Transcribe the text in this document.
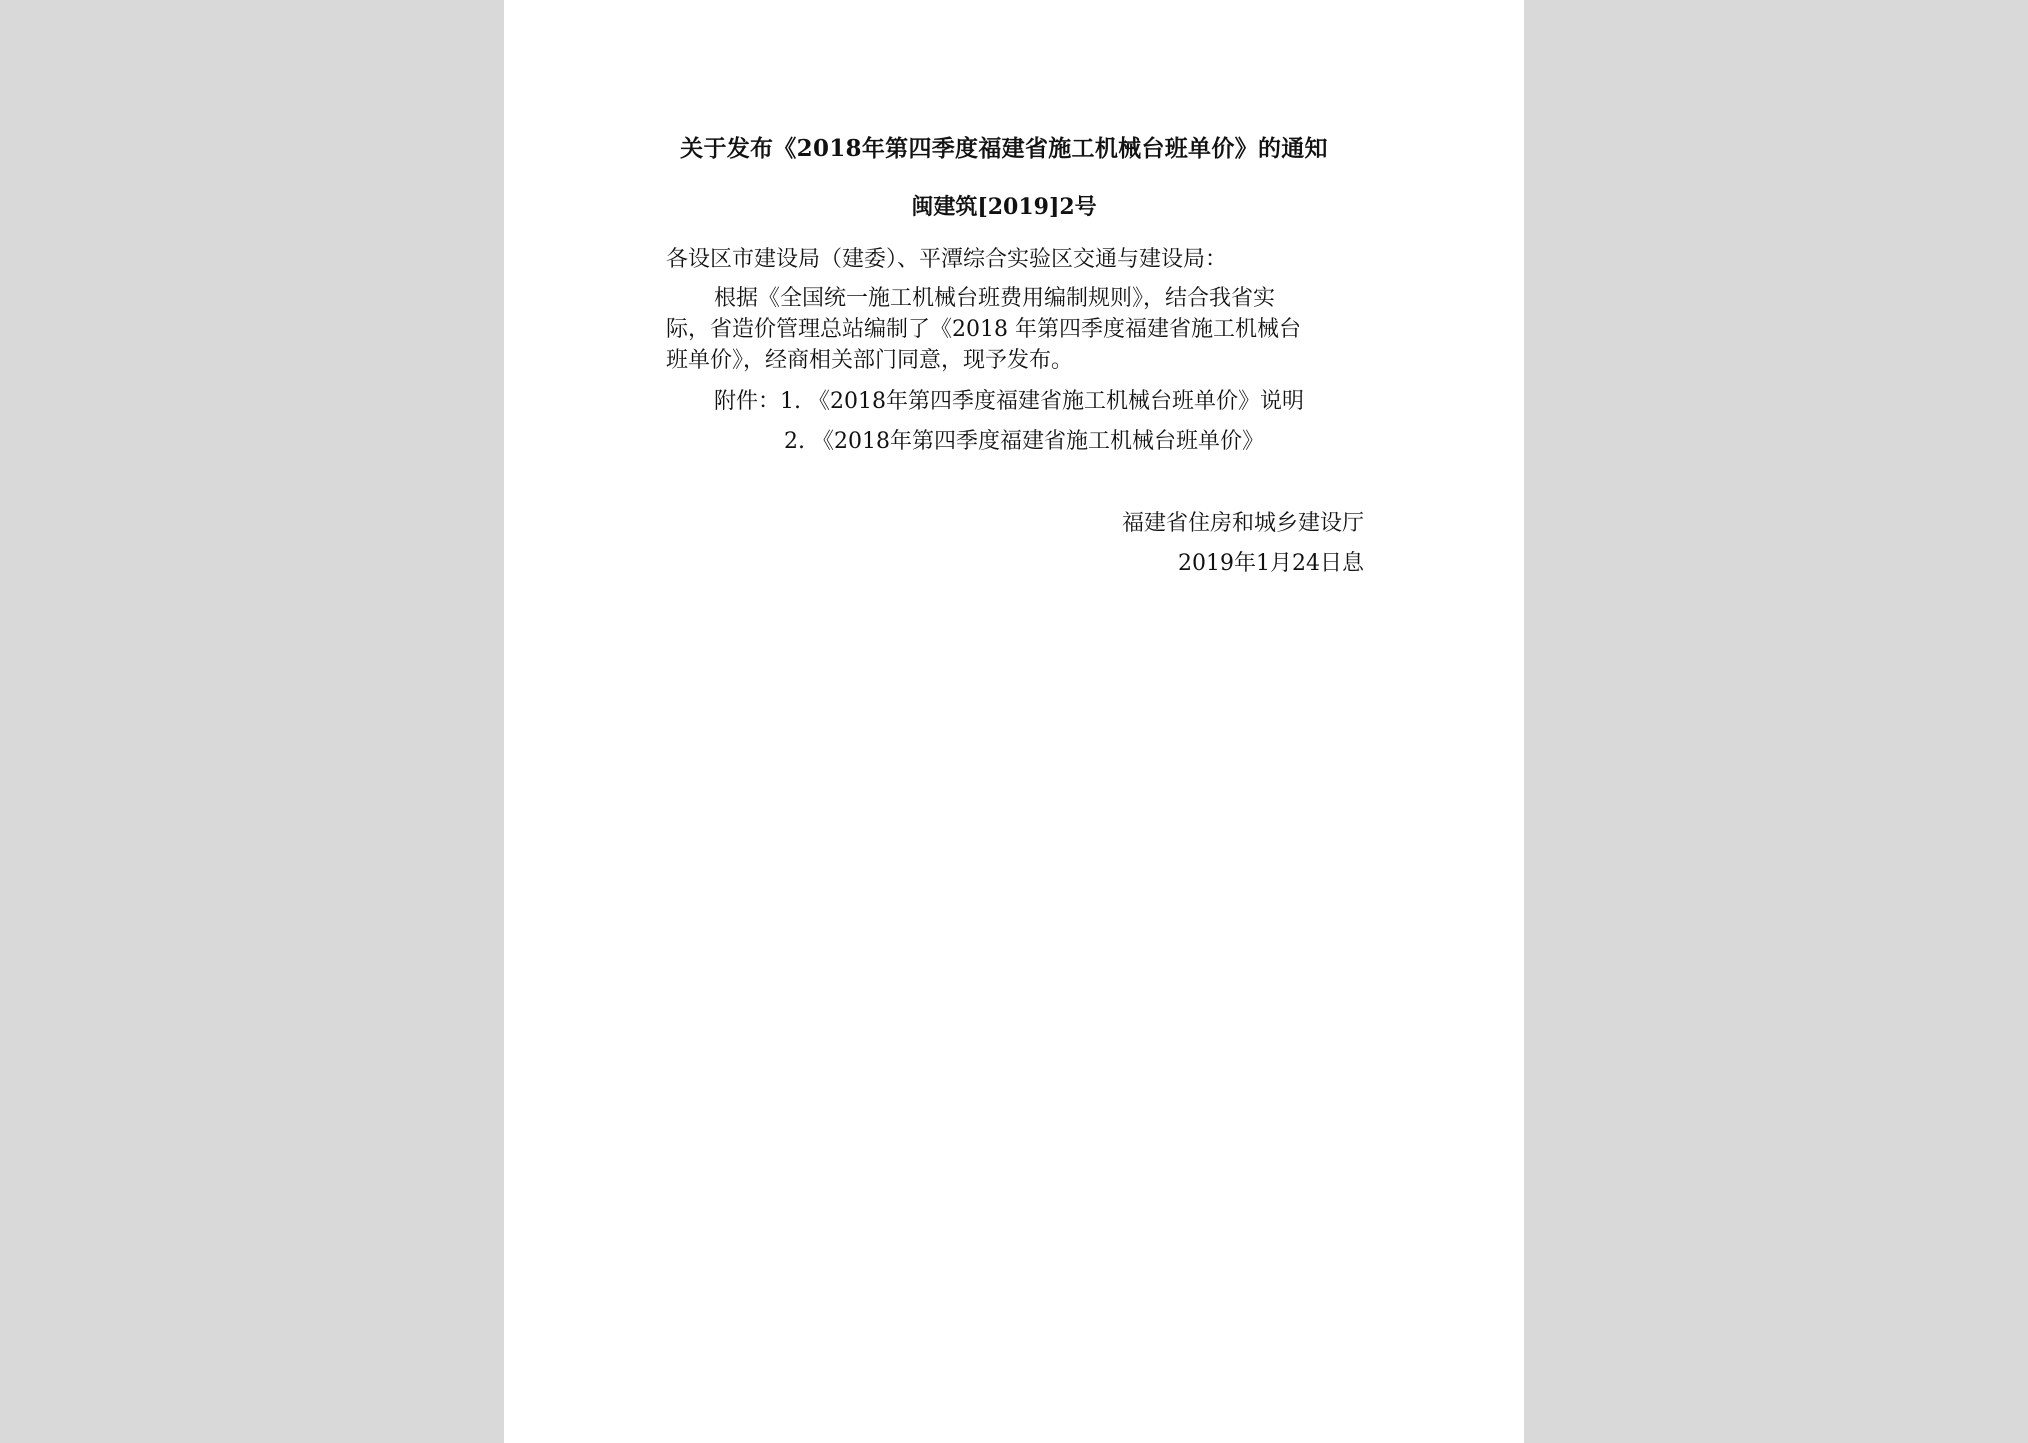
关于发布《2018年第四季度福建省施工机械台班单价》的通知
闽建筑[2019]2号
各设区市建设局（建委）、平潭综合实验区交通与建设局：
根据《全国统一施工机械台班费用编制规则》，结合我省实
际，省造价管理总站编制了《2018 年第四季度福建省施工机械台
班单价》，经商相关部门同意，现予发布。
附件：1. 《2018年第四季度福建省施工机械台班单价》说明
2. 《2018年第四季度福建省施工机械台班单价》
福建省住房和城乡建设厅
2019年1月24日息
